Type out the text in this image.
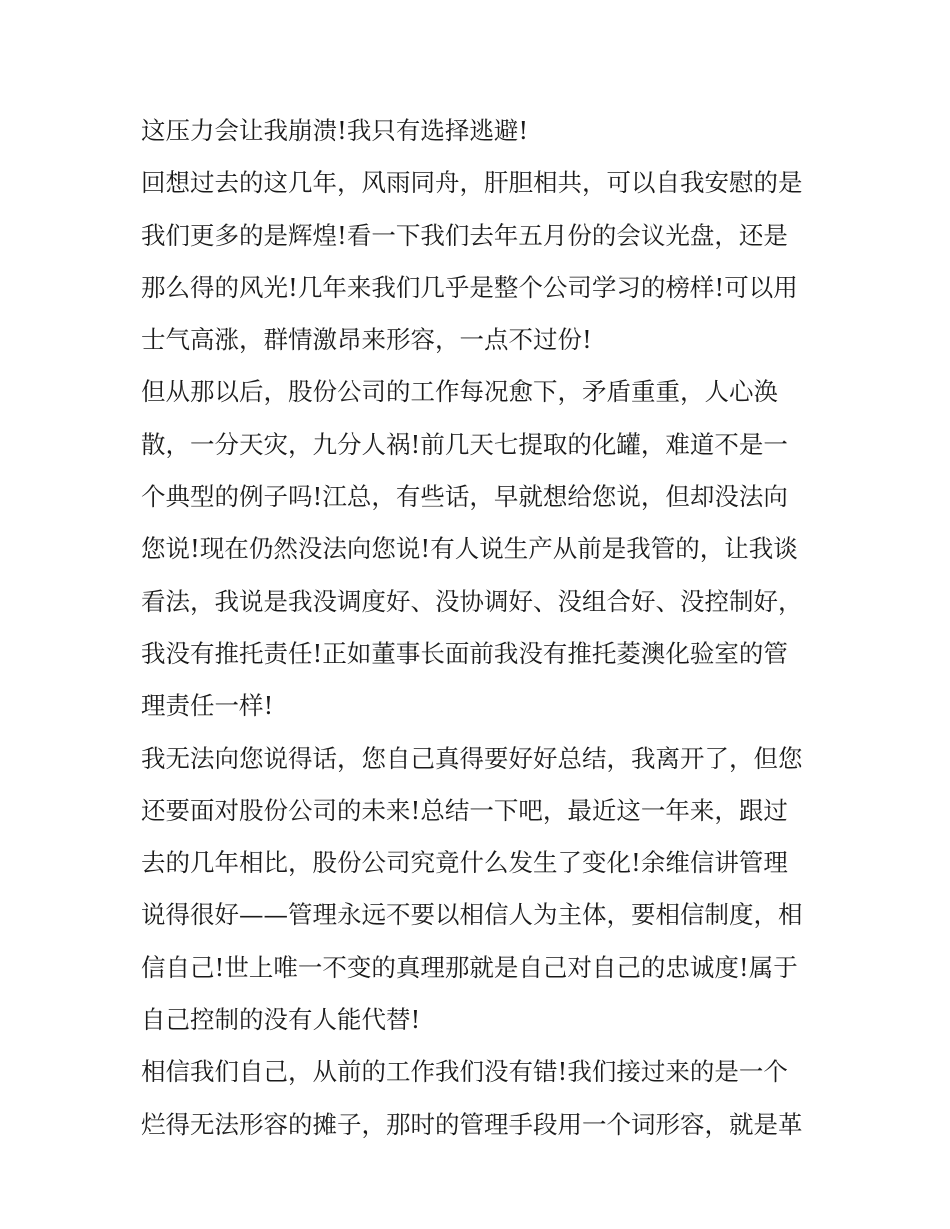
这压力会让我崩溃!我只有选择逃避!
回想过去的这几年，风雨同舟，肝胆相共，可以自我安慰的是
我们更多的是辉煌!看一下我们去年五月份的会议光盘，还是
那么得的风光!几年来我们几乎是整个公司学习的榜样!可以用
士气高涨，群情激昂来形容，一点不过份!
但从那以后，股份公司的工作每况愈下，矛盾重重，人心涣
散，一分天灾，九分人祸!前几天七提取的化罐，难道不是一
个典型的例子吗!江总，有些话，早就想给您说，但却没法向
您说!现在仍然没法向您说!有人说生产从前是我管的，让我谈
看法，我说是我没调度好、没协调好、没组合好、没控制好，
我没有推托责任!正如董事长面前我没有推托菱澳化验室的管
理责任一样!
我无法向您说得话，您自己真得要好好总结，我离开了，但您
还要面对股份公司的未来!总结一下吧，最近这一年来，跟过
去的几年相比，股份公司究竟什么发生了变化!余维信讲管理
说得很好——管理永远不要以相信人为主体，要相信制度，相
信自己!世上唯一不变的真理那就是自己对自己的忠诚度!属于
自己控制的没有人能代替!
相信我们自己，从前的工作我们没有错!我们接过来的是一个
烂得无法形容的摊子，那时的管理手段用一个词形容，就是革
